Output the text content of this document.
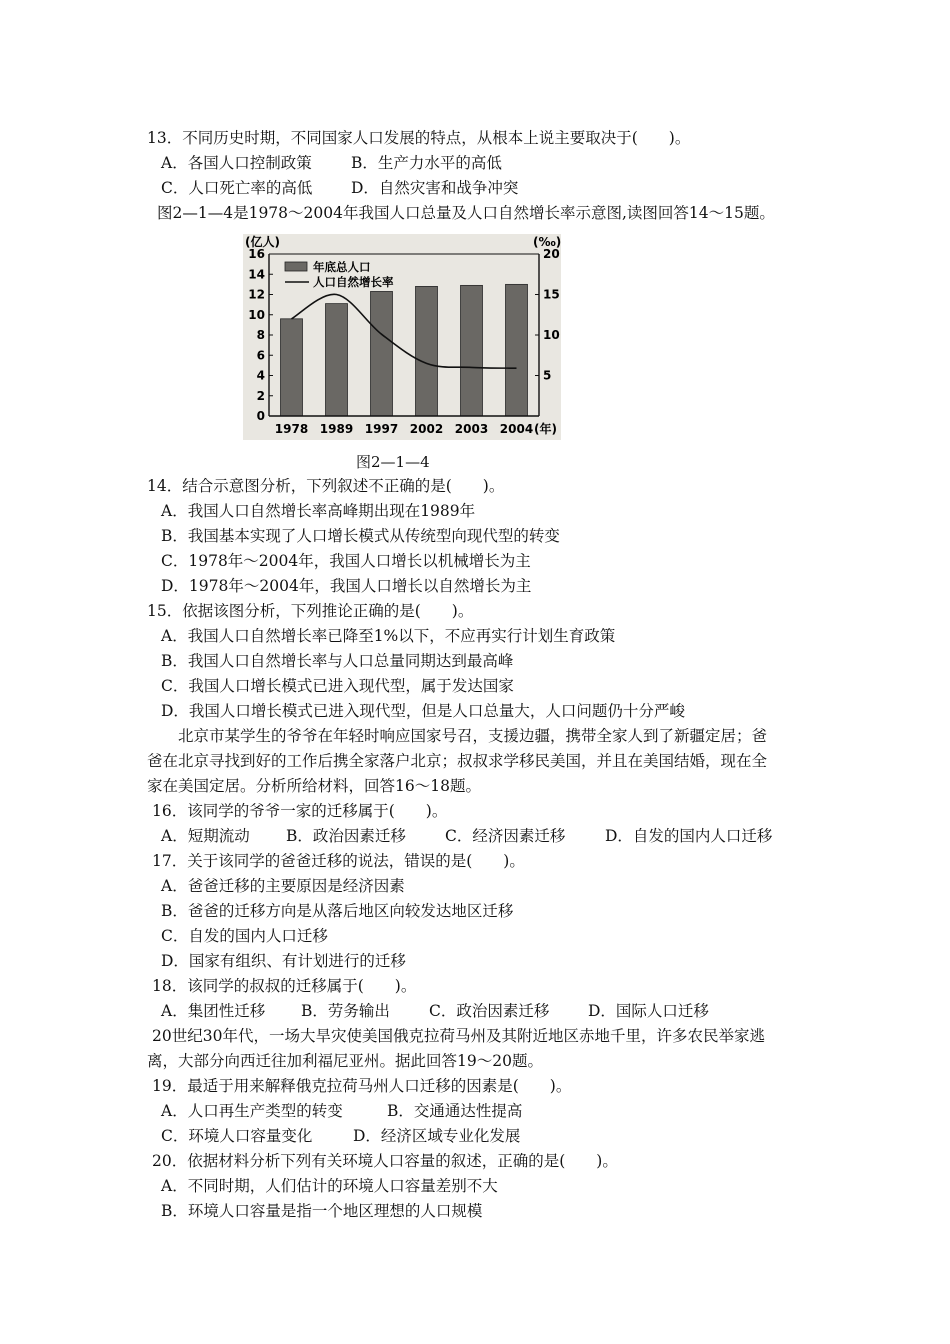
13．不同历史时期，不同国家人口发展的特点，从根本上说主要取决于(　　)。
A．各国人口控制政策	B．生产力水平的高低
C．人口死亡率的高低 D．自然灾害和战争冲突
图2—1—4是1978～2004年我国人口总量及人口自然增长率示意图,读图回答14～15题。
0
2
4
6
8
10
12
14
16
5
10
15
20
1978 1989 1997 2002 2003 2004
(亿人)	(‰)
(年)
年底总人口
人口自然增长率
图2—1—4
14．结合示意图分析，下列叙述不正确的是(　　)。
A．我国人口自然增长率高峰期出现在1989年
B．我国基本实现了人口增长模式从传统型向现代型的转变
C．1978年～2004年，我国人口增长以机械增长为主
D．1978年～2004年，我国人口增长以自然增长为主
15．依据该图分析，下列推论正确的是(　　)。
A．我国人口自然增长率已降至1%以下，不应再实行计划生育政策
B．我国人口自然增长率与人口总量同期达到最高峰
C．我国人口增长模式已进入现代型，属于发达国家
D．我国人口增长模式已进入现代型，但是人口总量大，人口问题仍十分严峻
北京市某学生的爷爷在年轻时响应国家号召，支援边疆，携带全家人到了新疆定居；爸
爸在北京寻找到好的工作后携全家落户北京；叔叔求学移民美国，并且在美国结婚，现在全
家在美国定居。分析所给材料，回答16～18题。
16．该同学的爷爷一家的迁移属于(　　)。
A．短期流动 B．政治因素迁移	C．经济因素迁移	D．自发的国内人口迁移
17．关于该同学的爸爸迁移的说法，错误的是(　　)。
A．爸爸迁移的主要原因是经济因素
B．爸爸的迁移方向是从落后地区向较发达地区迁移
C．自发的国内人口迁移
D．国家有组织、有计划进行的迁移
18．该同学的叔叔的迁移属于(　　)。
A．集团性迁移 B．劳务输出	C．政治因素迁移 D．国际人口迁移
20世纪30年代，一场大旱灾使美国俄克拉荷马州及其附近地区赤地千里，许多农民举家逃
离，大部分向西迁往加利福尼亚州。据此回答19～20题。
19．最适于用来解释俄克拉荷马州人口迁移的因素是(　　)。
A．人口再生产类型的转变	B．交通通达性提高
C．环境人口容量变化	D．经济区域专业化发展
20．依据材料分析下列有关环境人口容量的叙述，正确的是(　　)。
A．不同时期，人们估计的环境人口容量差别不大
B．环境人口容量是指一个地区理想的人口规模
